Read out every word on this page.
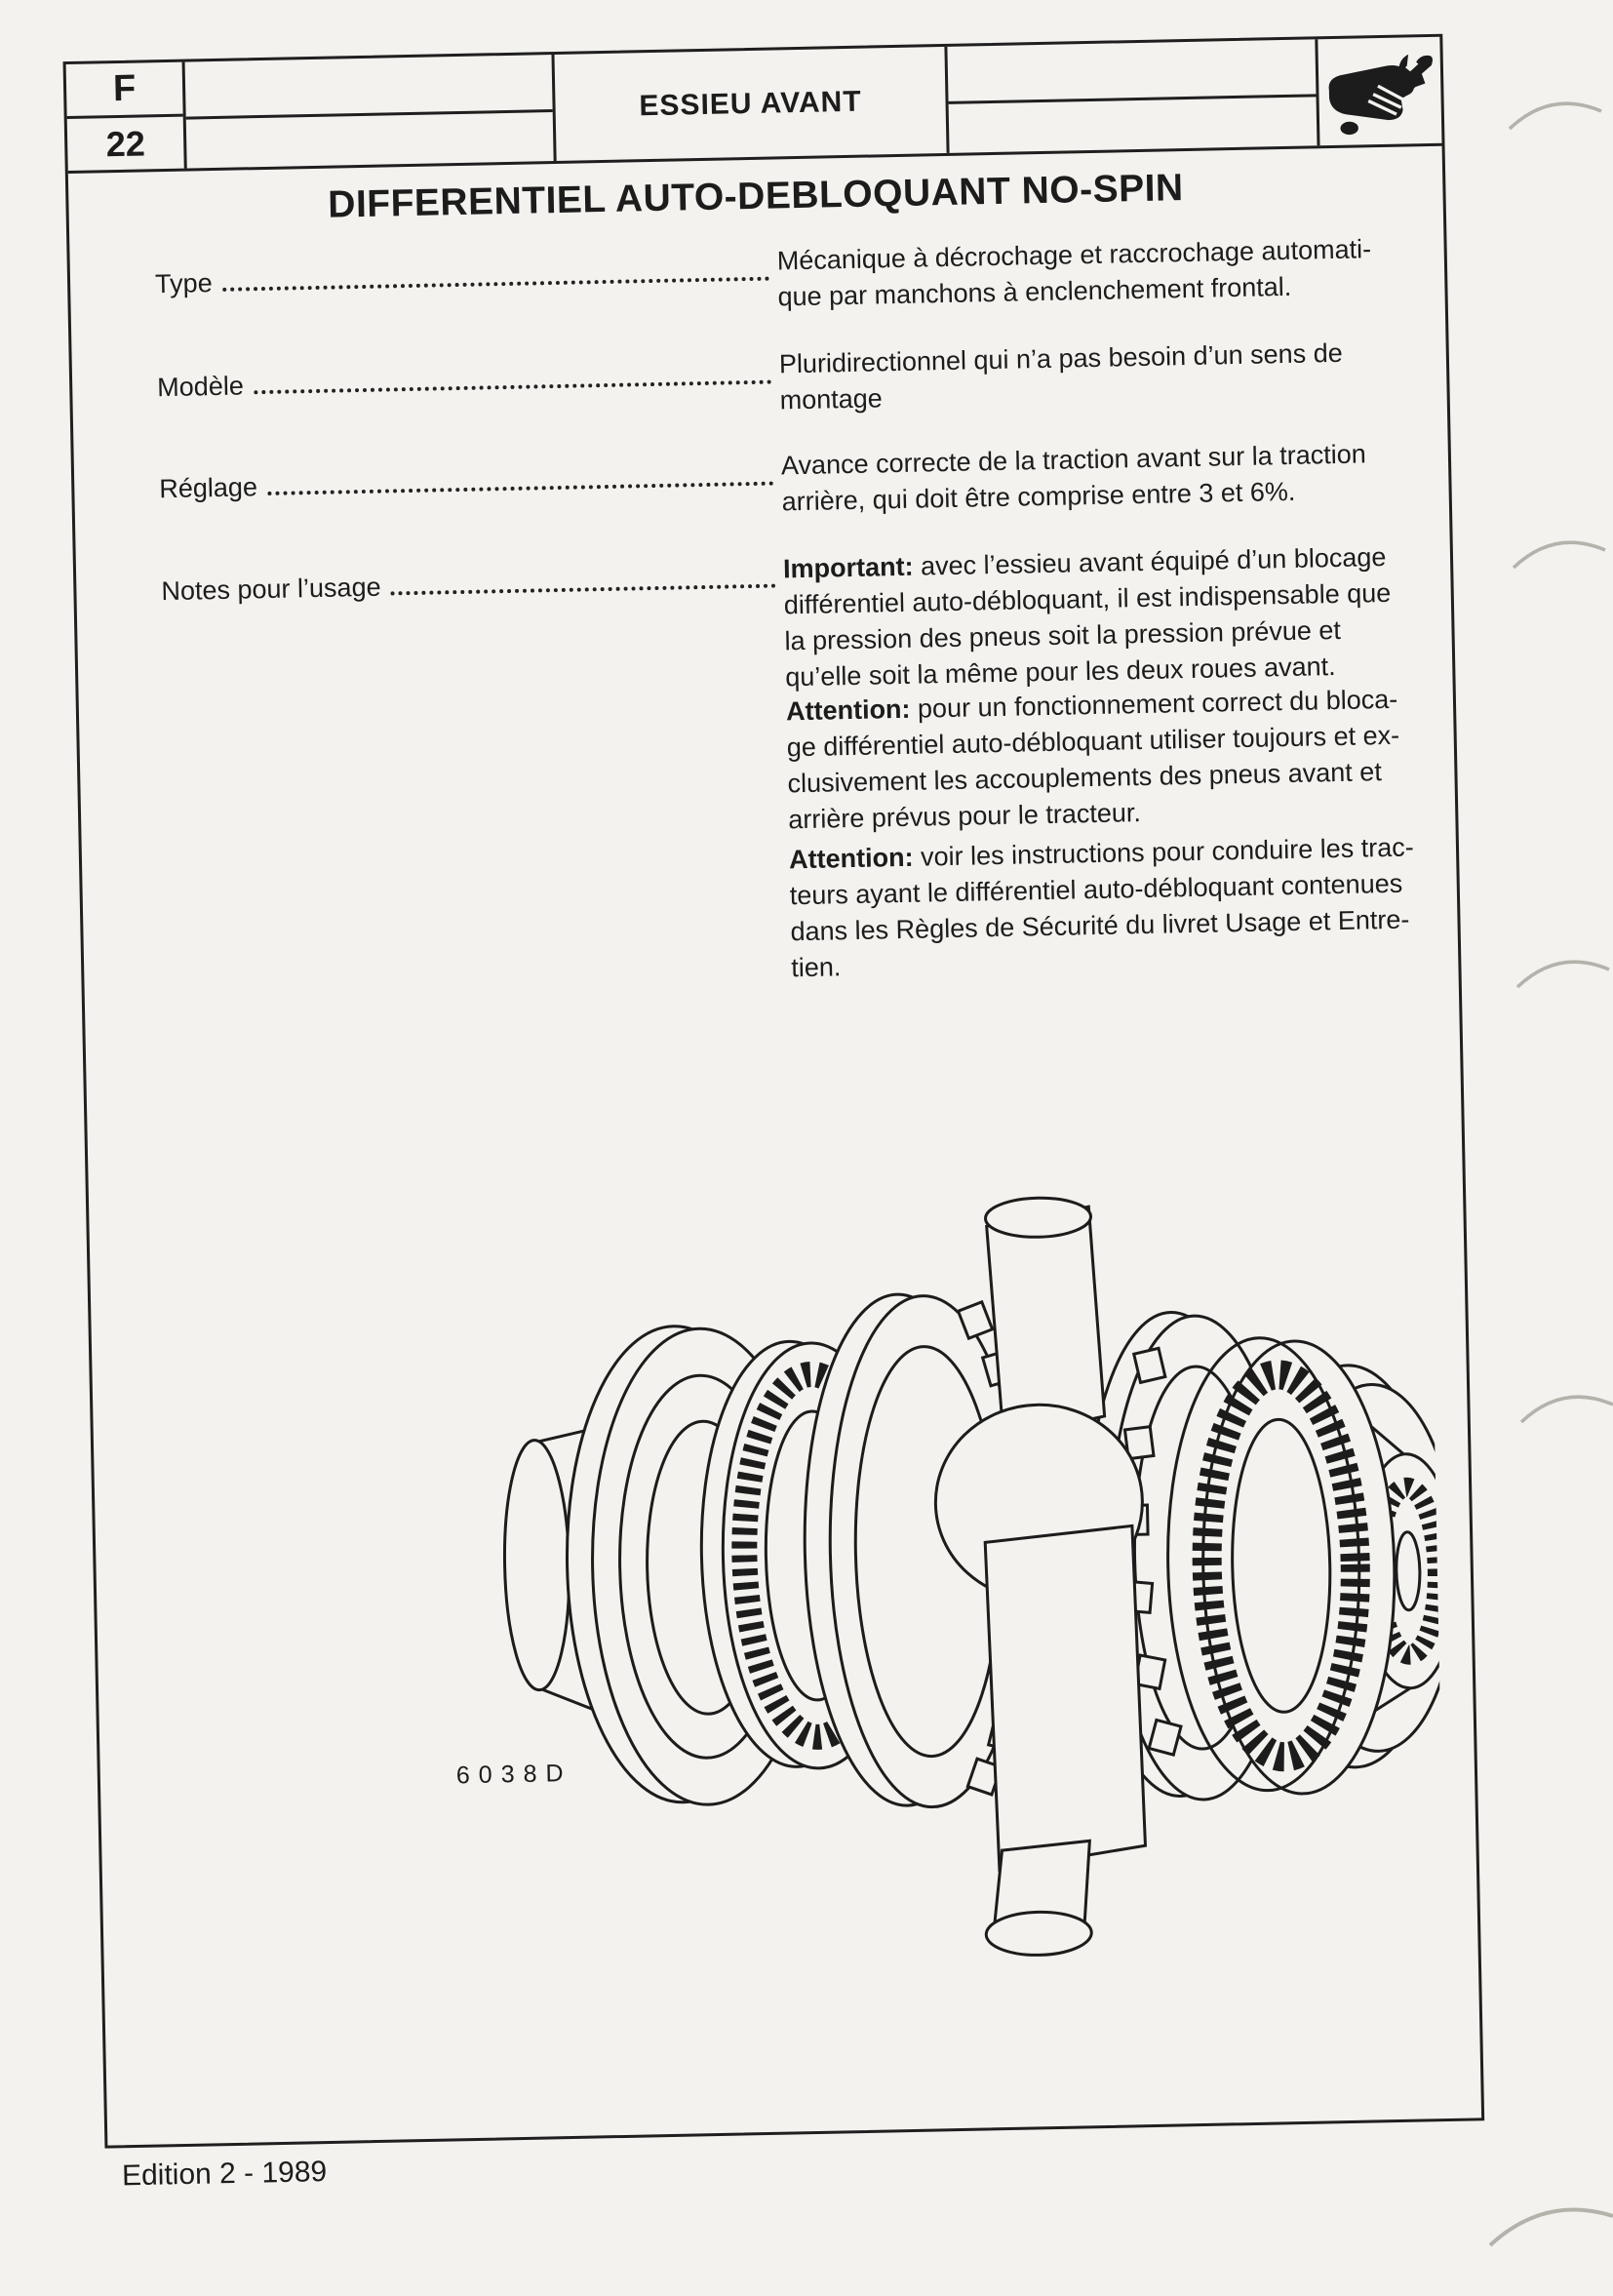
F
22
ESSIEU AVANT
DIFFERENTIEL AUTO-DEBLOQUANT NO-SPIN
Type
Modèle
Réglage
Notes pour l’usage
Mécanique à décrochage et raccrochage automati-
que par manchons à enclenchement frontal.
Pluridirectionnel qui n’a pas besoin d’un sens de
montage
Avance correcte de la traction avant sur la traction
arrière, qui doit être comprise entre 3 et 6%.
Important: avec l’essieu avant équipé d’un blocage
différentiel auto-débloquant, il est indispensable que
la pression des pneus soit la pression prévue et
qu’elle soit la même pour les deux roues avant.
Attention: pour un fonctionnement correct du bloca-
ge différentiel auto-débloquant utiliser toujours et ex-
clusivement les accouplements des pneus avant et
arrière prévus pour le tracteur.
Attention: voir les instructions pour conduire les trac-
teurs ayant le différentiel auto-débloquant contenues
dans les Règles de Sécurité du livret Usage et Entre-
tien.
6038D
Edition 2 - 1989
